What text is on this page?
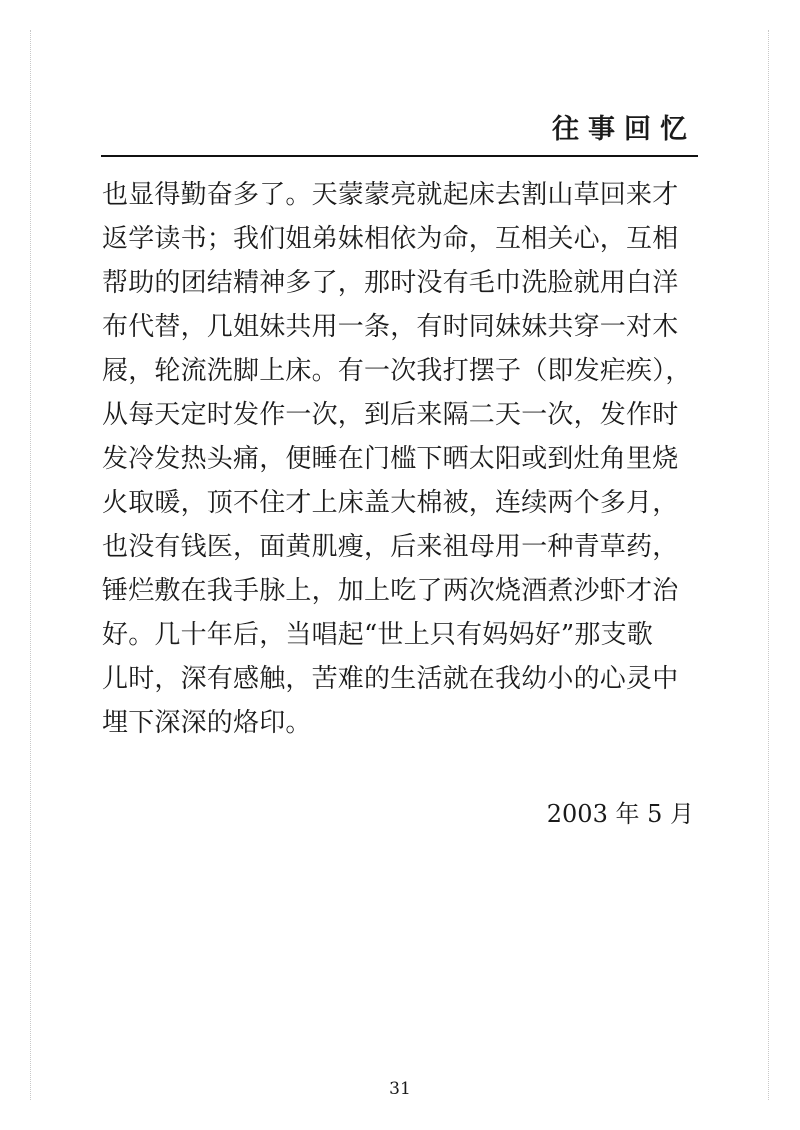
往事回忆
也显得勤奋多了。天蒙蒙亮就起床去割山草回来才
返学读书；我们姐弟妹相依为命，互相关心，互相
帮助的团结精神多了，那时没有毛巾洗脸就用白洋
布代替，几姐妹共用一条，有时同妹妹共穿一对木
屐，轮流洗脚上床。有一次我打摆子（即发疟疾），
从每天定时发作一次，到后来隔二天一次，发作时
发冷发热头痛，便睡在门槛下晒太阳或到灶角里烧
火取暖，顶不住才上床盖大棉被，连续两个多月，
也没有钱医，面黄肌瘦，后来祖母用一种青草药，
锤烂敷在我手脉上，加上吃了两次烧酒煮沙虾才治
好。几十年后，当唱起“世上只有妈妈好”那支歌
儿时，深有感触，苦难的生活就在我幼小的心灵中
埋下深深的烙印。
2003 年 5 月
31
